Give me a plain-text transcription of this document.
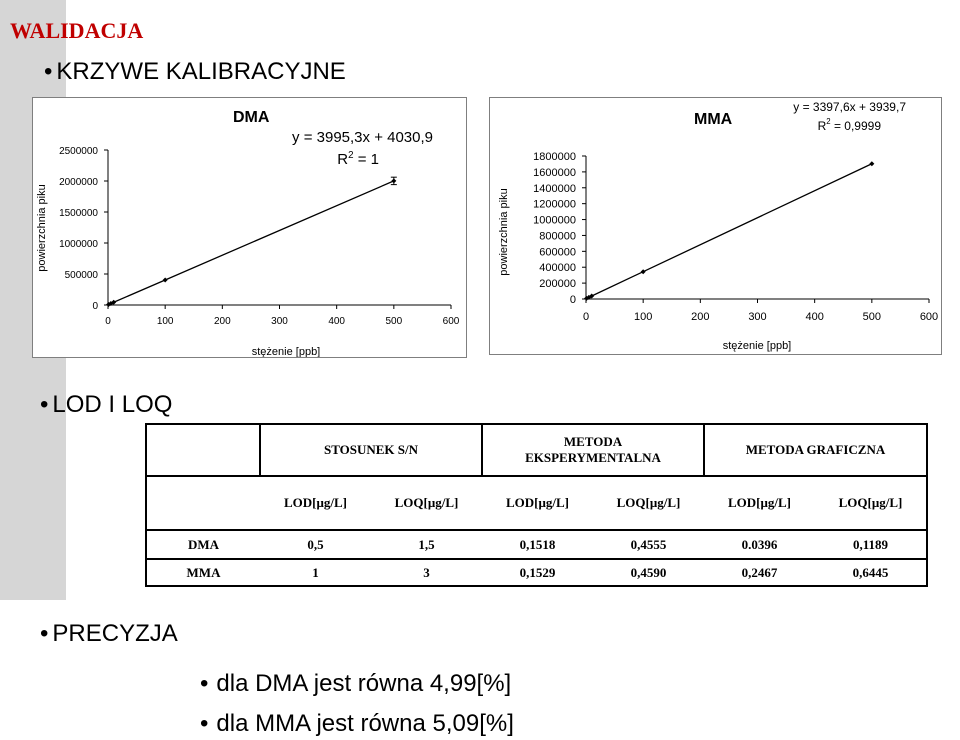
WALIDACJA
• KRZYWE KALIBRACYJNE
0
500000
1000000
1500000
2000000
2500000
0	100	200	300	400	500	600
DMA
y = 3995,3x + 4030,9
$R^2 = 1$
stężenie [ppb]
powierzchnia piku
0
200000
400000
600000
800000
1000000
1200000
1400000
1600000
1800000
0	100	200	300	400	500	600
MMA
y = 3397,6x + 3939,7
$R^2 = 0,9999$
stężenie [ppb]
powierzchnia piku
• LOD I LOQ
	STOSUNEK S/N		METODA EKSPERYMENTALNA		METODA GRAFICZNA	
	LOD[μg/L]	LOQ[μg/L]	LOD[μg/L]	LOQ[μg/L]	LOD[μg/L]	LOQ[μg/L]
DMA	0,5	1,5	0,1518	0,4555	0.0396	0,1189
MMA	1	3	0,1529	0,4590	0,2467	0,6445
• PRECYZJA
• dla DMA jest równa 4,99[%]
• dla MMA jest równa 5,09[%]
